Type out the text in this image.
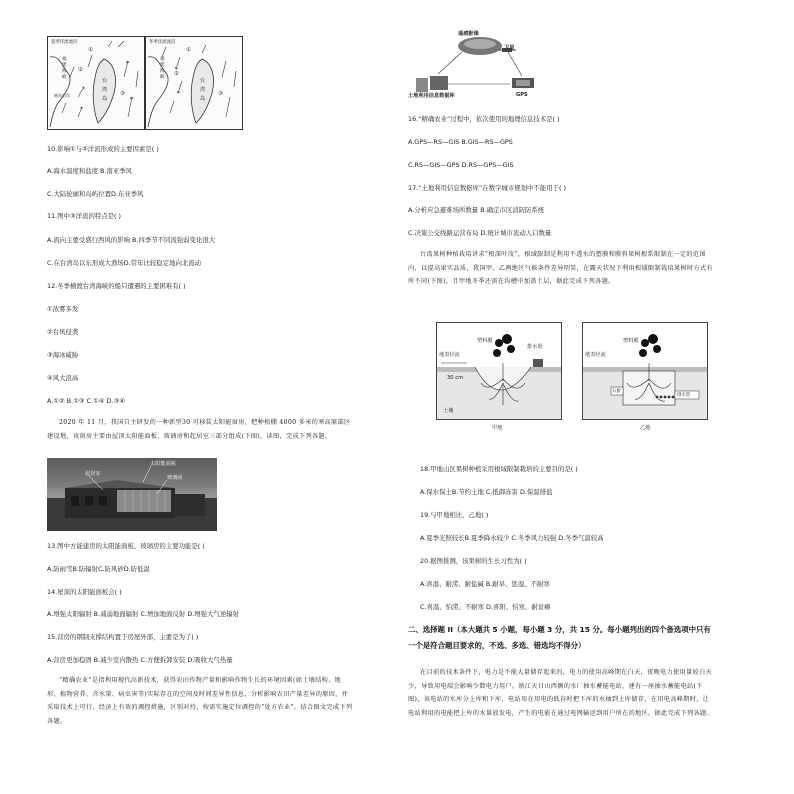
夏季洋流流向
①
②
③
台湾岛
福建海峡
闽东沿岸
冬季洋流流向
①
②
③
台湾岛
福建海峡
10.影响①与②洋流形成的主要因素是( )
A.海水温度和盐度 B.南亚季风
C.大陆轮廓和岛屿位置D.东亚季风
11.图中③洋流的特点是( )
A.流向主要受盛行西风的影响 B.四季节不同流强弱变化很大
C.在台湾岛以东形成大渔场D.常年比较稳定地向北流动
12.冬季横渡台湾海峡的船只遭遇的主要困难有( )
①浓雾多发
②台风侵袭
③海冰威胁
④风大浪高
A.①② B.①③ C.①④ D.③④
2020 年 11 月，我国自主研发的一种新型30 可移装太阳能窗房，把种植棚 4000 多米的寒高原部区建设地，该窗房主要由屋顶太阳能面板、玻璃房和起居室三部分组成(下图)，读图，完成下列各题。
太阳能面板
起居室
玻璃房
13.图中方能建房的太阳能面板、玻璃房的主要功能是( )
A.防雨雪B.防辐射C.防风砂D.防低温
14.屋顶的太阳能面板会( )
A.增强太阳辐射 B.减弱地面辐射 C.增加地面反射 D.增强大气逆辐射
15.营房的钢制支撑结构置于房屋外部，主要是为了( )
A.营房更加稳固 B.减少室内散热 C.方便拆卸安装 D.吸收大气热量
“精确农业”是指利用现代高新技术，获得农田作物产量和影响作物生长的环境因素(如土壤结构、地形、植物营养、含水量、病虫害等)实际存在的空间及时间差异性信息，分析影响农田产量差异的原因，并采取技术上可行、经济上有效的调控措施，区别对待，按需实施定位调控的“处方农业”。结合图文完成下列各题。
遥感影像
卫星
土地利用信息数据库	GPS
16.“精确农业”过程中，依次使用的地理信息技术是( )
A.GPS—RS—GIS B.GIS—RS—GPS
C.RS—GIS—GPS D.RS—GPS—GIS
17.“土地利用信息数据库”在数字城市规划中不能用于( )
A.分析应急避难场所数量 B.确定市区消防防系统
C.决策公交线路运营布局 D.统计城市流动人口数量
台湾果树种植栽培讲求“根深叶茂”，根域限制是利用不透水的塑膜和膜将果树根系限制在一定的范围内，以提高果实品质，我国甲、乙两地区气候条件差异明显，在露天状况下利用根域限制栽培果树时方式有所不同(下图)，且甲地冬季还需在沟槽中加盖土层，据此完成下列各题。
塑料膜
排水渠
地表径流
30 cm
土壤
甲地
塑料膜
排水管
地表径流
石板
乙地
18.甲地山区果树种植采用根域限制栽培的主要目的是( )
A.保水保土B.节约土地 C.抵御冻害 D.保温排盐
19.与甲地相比，乙地( )
A.夏季光照较长B.夏季降水较少 C.冬季风力较强 D.冬季气温较高
20.据图推测，该果树的生长习性为( )
A.喜湿、耐涝、耐盐碱 B.耐旱、惩湿、不耐寒
C.喜温、怕涝、不耐寒 D.喜阳、怕寒、耐贫瘠
二、选择题 II（本大题共 5 小题，每小题 3 分，共 15 分。每小题列出的四个备选项中只有一个是符合题目要求的，不选、多选、错选均不得分）
在目前的技术条件下，电力是不能大量储存起来的，电力的使用高峰期在白天，夜晚电力使用量较白天少，导致用电端会影响少数电力用户。浙江天目山西侧的水厂抽水蓄能电站，建有一座抽水蓄能电站(下图)，该电站的水库分上库和下库，电站用在用电的低谷时把下库的水抽到上库储存，在用电高峰期时，让电站利用的电能把上库的水量放发电，产生的电能在通过电网输送到用户所在的地区，据此完成下列各题。
